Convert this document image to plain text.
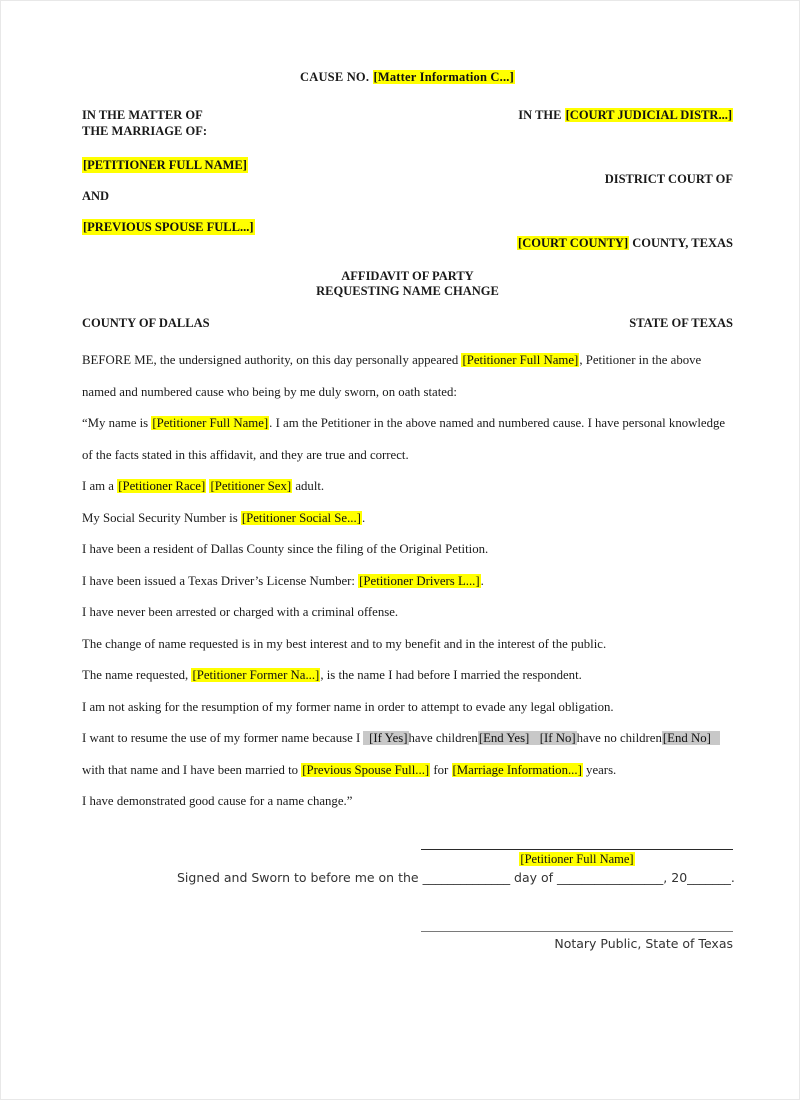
CAUSE NO. [Matter Information C...]
IN THE MATTER OF	IN THE [COURT JUDICIAL DISTR...]
THE MARRIAGE OF:
[PETITIONER FULL NAME]
DISTRICT COURT OF
AND
[PREVIOUS SPOUSE FULL...]
[COURT COUNTY] COUNTY, TEXAS
AFFIDAVIT OF PARTY
REQUESTING NAME CHANGE
COUNTY OF DALLAS	STATE OF TEXAS

BEFORE ME, the undersigned authority, on this day personally appeared [Petitioner Full Name], Petitioner in the above named and numbered cause who being by me duly sworn, on oath stated:

“My name is [Petitioner Full Name]. I am the Petitioner in the above named and numbered cause. I have personal knowledge of the facts stated in this affidavit, and they are true and correct.

I am a [Petitioner Race] [Petitioner Sex] adult.

My Social Security Number is [Petitioner Social Se...].

I have been a resident of Dallas County since the filing of the Original Petition.

I have been issued a Texas Driver’s License Number: [Petitioner Drivers L...].

I have never been arrested or charged with a criminal offense.

The change of name requested is in my best interest and to my benefit and in the interest of the public.

The name requested, [Petitioner Former Na...], is the name I had before I married the respondent.

I am not asking for the resumption of my former name in order to attempt to evade any legal obligation.

I want to resume the use of my former name because I  [If Yes]have children[End Yes] [If No]have no children[End No]   with that name and I have been married to [Previous Spouse Full...] for [Marriage Information...] years.

I have demonstrated good cause for a name change.”

[Petitioner Full Name]
Signed and Sworn to before me on the ______________ day of _________________, 20_______.
Notary Public, State of Texas
